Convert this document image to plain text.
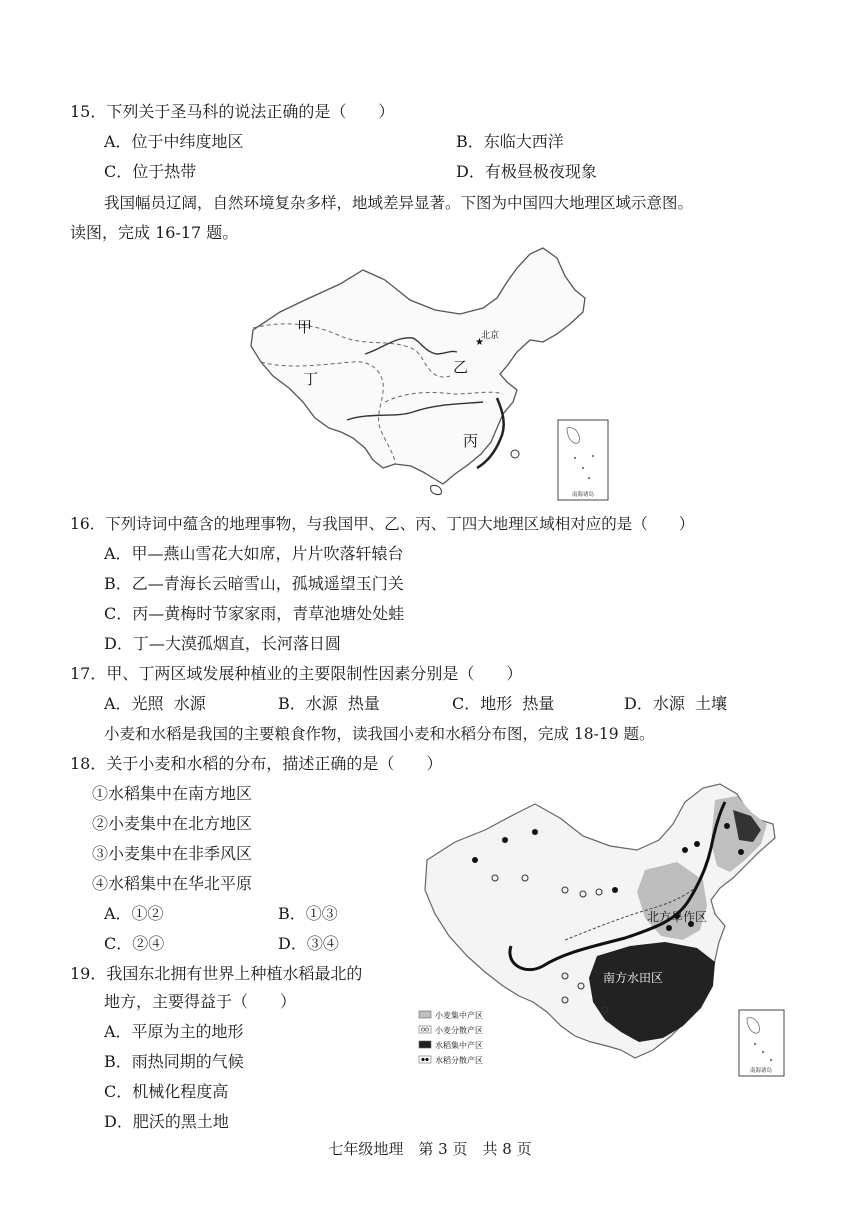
15．下列关于圣马科的说法正确的是（　　）
A．位于中纬度地区	B．东临大西洋
C．位于热带	D．有极昼极夜现象
我国幅员辽阔，自然环境复杂多样，地域差异显著。下图为中国四大地理区域示意图。
读图，完成 16-17 题。
★
甲
乙
丙
丁
北京
南海诸岛
16．下列诗词中蕴含的地理事物，与我国甲、乙、丙、丁四大地理区域相对应的是（　　）
A．甲—燕山雪花大如席，片片吹落轩辕台
B．乙—青海长云暗雪山，孤城遥望玉门关
C．丙—黄梅时节家家雨，青草池塘处处蛙
D．丁—大漠孤烟直，长河落日圆
17．甲、丁两区域发展种植业的主要限制性因素分别是（　　）
A．光照  水源	B．水源  热量	C．地形  热量	D．水源  土壤
小麦和水稻是我国的主要粮食作物，读我国小麦和水稻分布图，完成 18-19 题。
18．关于小麦和水稻的分布，描述正确的是（　　）
①水稻集中在南方地区
②小麦集中在北方地区
③小麦集中在非季风区
④水稻集中在华北平原
A．①②	B．①③
C．②④	D．③④
19．我国东北拥有世界上种植水稻最北的
地方，主要得益于（　　）
A．平原为主的地形
B．雨热同期的气候
C．机械化程度高
D．肥沃的黑土地
北方旱作区
南方水田区
小麦集中产区
小麦分散产区
水稻集中产区
水稻分散产区
南海诸岛
七年级地理　第 3 页　共 8 页
